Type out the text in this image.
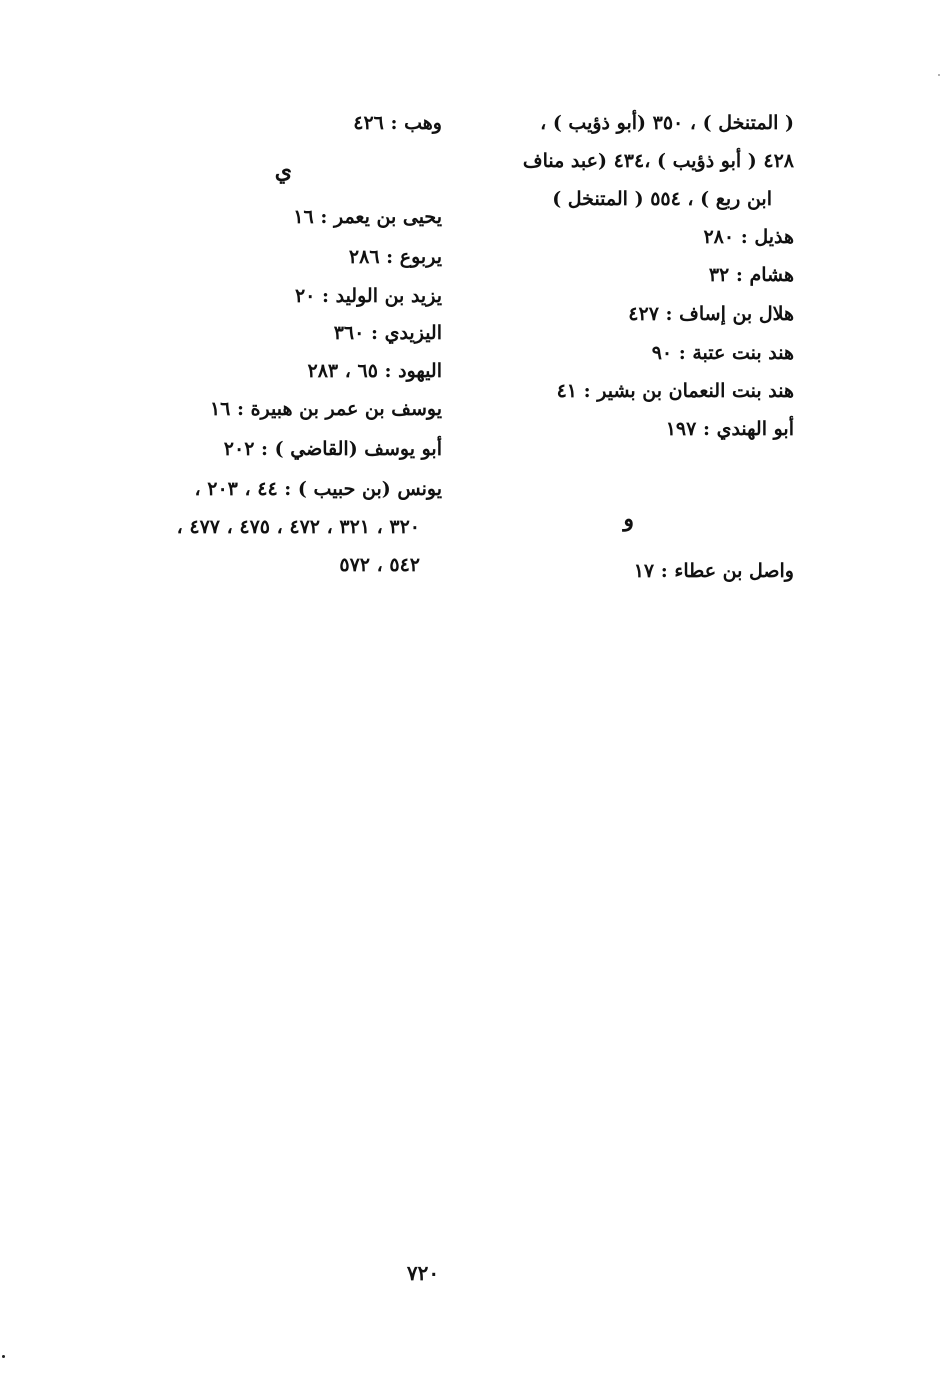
( المتنخل ) ، ٣٥٠ (أبو ذؤيب ) ،
٤٢٨ ( أبو ذؤيب ) ،٤٣٤ (عبد مناف
ابن ربع ) ، ٥٥٤ ( المتنخل )
هذيل : ٢٨٠
هشام : ٣٢
هلال بن إساف : ٤٢٧
هند بنت عتبة : ٩٠
هند بنت النعمان بن بشير : ٤١
أبو الهندي : ١٩٧
و
واصل بن عطاء : ١٧
وهب : ٤٢٦
ي
يحيى بن يعمر : ١٦
يربوع : ٢٨٦
يزيد بن الوليد : ٢٠
اليزيدي : ٣٦٠
اليهود : ٦٥ ، ٢٨٣
يوسف بن عمر بن هبيرة : ١٦
أبو يوسف (القاضي ) : ٢٠٢
يونس (بن حبيب ) : ٤٤ ، ٢٠٣ ،
٣٢٠ ، ٣٢١ ، ٤٧٢ ، ٤٧٥ ، ٤٧٧ ،
٥٤٢ ، ٥٧٢
٧٢٠
